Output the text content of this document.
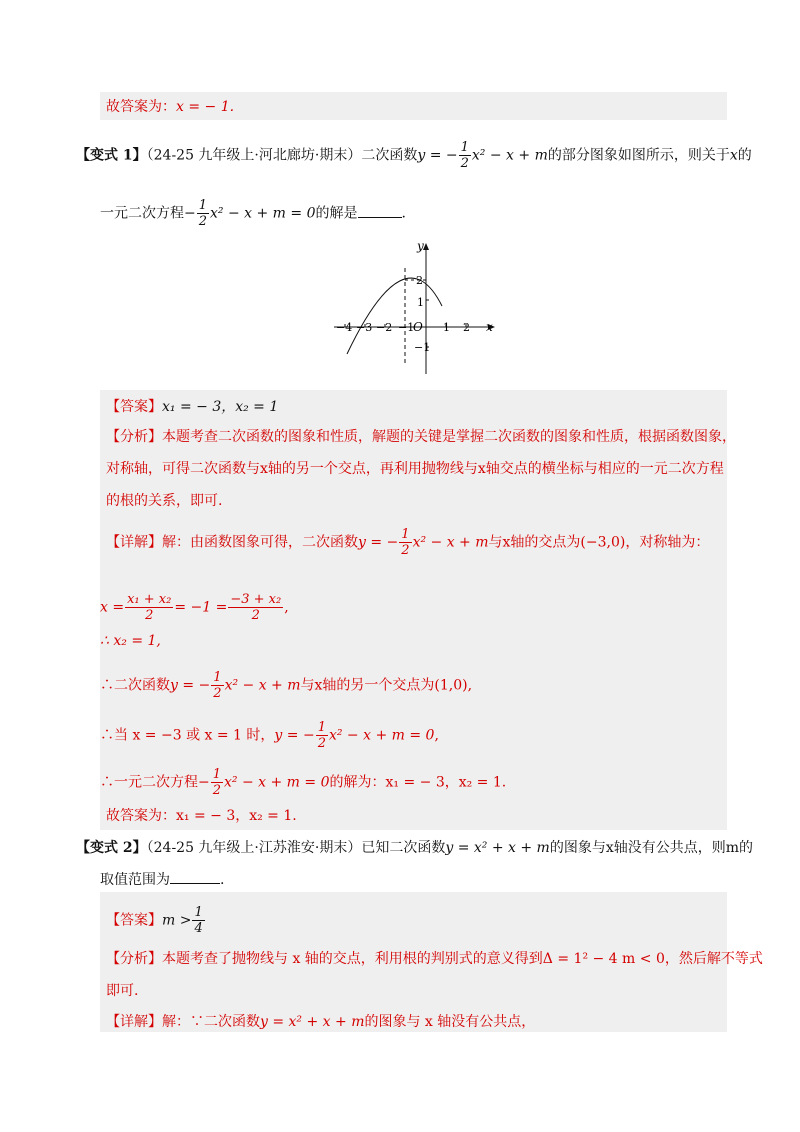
故答案为：x = − 1.
【变式 1】（24-25 九年级上·河北廊坊·期末）二次函数y = − $\frac{1}{2} x^2 - x + m$的部分图象如图所示，则关于x的
一元二次方程− $\frac{1}{2} x^2 - x + m = 0$的解是	.
−4 −3 −2 −1	1 2
O	x
y
2
1
−1
【答案】x₁ = − 3，x₂ = 1
【分析】本题考查二次函数的图象和性质，解题的关键是掌握二次函数的图象和性质，根据函数图象，
对称轴，可得二次函数与x轴的另一个交点，再利用抛物线与x轴交点的横坐标与相应的一元二次方程
的根的关系，即可.
【详解】解：由函数图象可得，二次函数y = − $\frac{1}{2} x^2 - x + m$与x轴的交点为(−3,0)，对称轴为：
$x = \frac{\text{x₁ + x₂}}{2} = -1 = \frac{\text{−3 + x₂}}{2}$ ,
∴ x₂ = 1,
∴二次函数y = − $\frac{1}{2} x^2 - x + m$与x轴的另一个交点为(1,0),
∴当 x = −3 或 x = 1 时，y = − $\frac{1}{2} x^2 - x + m = 0$,
∴一元二次方程− $\frac{1}{2} x^2 - x + m = 0$的解为：x₁ = − 3，x₂ = 1.
故答案为：x₁ = − 3，x₂ = 1.
【变式 2】（24-25 九年级上·江苏淮安·期末）已知二次函数y = x² + x + m的图象与x轴没有公共点，则m的
取值范围为	.
【答案】$m > \frac{1}{4}$
【分析】本题考查了抛物线与 x 轴的交点，利用根的判别式的意义得到Δ = 1² − 4 m < 0，然后解不等式
即可.
【详解】解：∵二次函数y = x² + x + m的图象与 x 轴没有公共点，
